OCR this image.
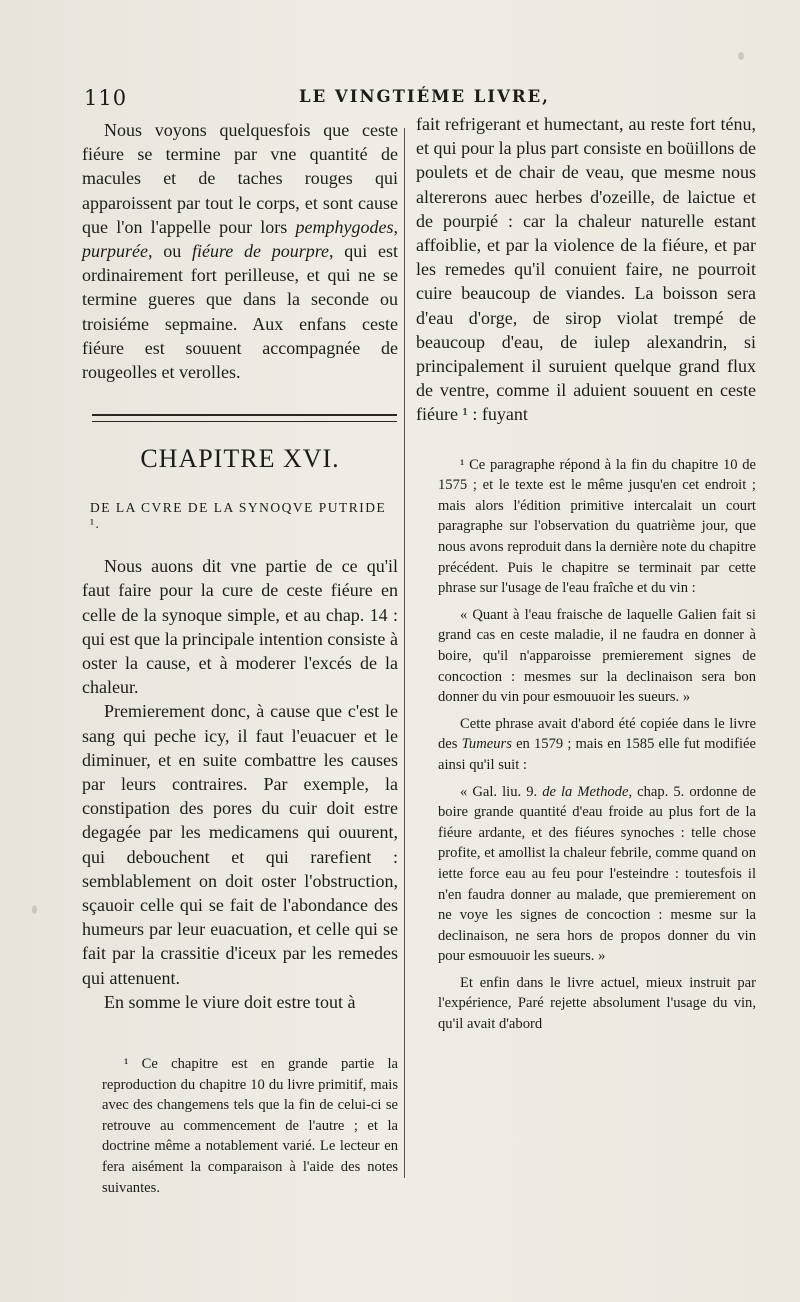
110	LE VINGTIÉME LIVRE,

Nous voyons quelquesfois que ceste fiéure se termine par vne quantité de macules et de taches rouges qui apparoissent par tout le corps, et sont cause que l'on l'appelle pour lors pemphygodes, purpurée, ou fiéure de pourpre, qui est ordinairement fort perilleuse, et qui ne se termine gueres que dans la seconde ou troisiéme sepmaine. Aux enfans ceste fiéure est souuent accompagnée de rougeolles et verolles.

CHAPITRE XVI.
DE LA CVRE DE LA SYNOQVE PUTRIDE ¹.

Nous auons dit vne partie de ce qu'il faut faire pour la cure de ceste fiéure en celle de la synoque simple, et au chap. 14 : qui est que la principale intention consiste à oster la cause, et à moderer l'excés de la chaleur.

Premierement donc, à cause que c'est le sang qui peche icy, il faut l'euacuer et le diminuer, et en suite combattre les causes par leurs contraires. Par exemple, la constipation des pores du cuir doit estre degagée par les medicamens qui ouurent, qui debouchent et qui rarefient : semblablement on doit oster l'obstruction, sçauoir celle qui se fait de l'abondance des humeurs par leur euacuation, et celle qui se fait par la crassitie d'iceux par les remedes qui attenuent.

En somme le viure doit estre tout à

¹ Ce chapitre est en grande partie la reproduction du chapitre 10 du livre primitif, mais avec des changemens tels que la fin de celui-ci se retrouve au commencement de l'autre ; et la doctrine même a notablement varié. Le lecteur en fera aisément la comparaison à l'aide des notes suivantes.

fait refrigerant et humectant, au reste fort ténu, et qui pour la plus part consiste en boüillons de poulets et de chair de veau, que mesme nous altererons auec herbes d'ozeille, de laictue et de pourpié : car la chaleur naturelle estant affoiblie, et par la violence de la fiéure, et par les remedes qu'il conuient faire, ne pourroit cuire beaucoup de viandes. La boisson sera d'eau d'orge, de sirop violat trempé de beaucoup d'eau, de iulep alexandrin, si principalement il suruient quelque grand flux de ventre, comme il aduient souuent en ceste fiéure ¹ : fuyant

¹ Ce paragraphe répond à la fin du chapitre 10 de 1575 ; et le texte est le même jusqu'en cet endroit ; mais alors l'édition primitive intercalait un court paragraphe sur l'observation du quatrième jour, que nous avons reproduit dans la dernière note du chapitre précédent. Puis le chapitre se terminait par cette phrase sur l'usage de l'eau fraîche et du vin :

« Quant à l'eau fraische de laquelle Galien fait si grand cas en ceste maladie, il ne faudra en donner à boire, qu'il n'apparoisse premierement signes de concoction : mesmes sur la declinaison sera bon donner du vin pour esmouuoir les sueurs. »

Cette phrase avait d'abord été copiée dans le livre des Tumeurs en 1579 ; mais en 1585 elle fut modifiée ainsi qu'il suit :

« Gal. liu. 9. de la Methode, chap. 5. ordonne de boire grande quantité d'eau froide au plus fort de la fiéure ardante, et des fiéures synoches : telle chose profite, et amollist la chaleur febrile, comme quand on iette force eau au feu pour l'esteindre : toutesfois il n'en faudra donner au malade, que premierement on ne voye les signes de concoction : mesme sur la declinaison, ne sera hors de propos donner du vin pour esmouuoir les sueurs. »

Et enfin dans le livre actuel, mieux instruit par l'expérience, Paré rejette absolument l'usage du vin, qu'il avait d'abord
